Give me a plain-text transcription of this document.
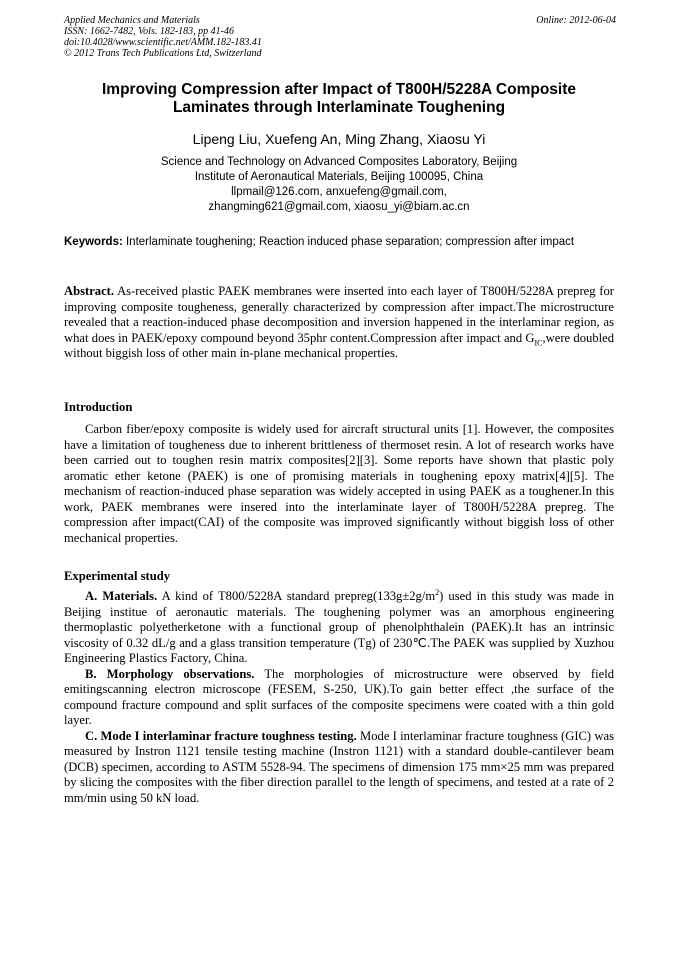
Applied Mechanics and Materials
ISSN: 1662-7482, Vols. 182-183, pp 41-46
doi:10.4028/www.scientific.net/AMM.182-183.41
© 2012 Trans Tech Publications Ltd, Switzerland
Online: 2012-06-04
Improving Compression after Impact of T800H/5228A Composite
Laminates through Interlaminate Toughening
Lipeng Liu, Xuefeng An, Ming Zhang, Xiaosu Yi
Science and Technology on Advanced Composites Laboratory, Beijing
Institute of Aeronautical Materials, Beijing 100095, China
llpmail@126.com, anxuefeng@gmail.com,
zhangming621@gmail.com, xiaosu_yi@biam.ac.cn
Keywords: Interlaminate toughening; Reaction induced phase separation; compression after impact
Abstract. As-received plastic PAEK membranes were inserted into each layer of T800H/5228A prepreg for improving composite tougheness, generally characterized by compression after impact.The microstructure revealed that a reaction-induced phase decomposition and inversion happened in the interlaminar region, as what does in PAEK/epoxy compound beyond 35phr content.Compression after impact and $G_{IC},were$ doubled without biggish loss of other main in-plane mechanical properties.
Introduction
Carbon fiber/epoxy composite is widely used for aircraft structural units [1]. However, the composites have a limitation of tougheness due to inherent brittleness of thermoset resin. A lot of research works have been carried out to toughen resin matrix composites[2][3]. Some reports have shown that plastic poly aromatic ether ketone (PAEK) is one of promising materials in toughening epoxy matrix[4][5]. The mechanism of reaction-induced phase separation was widely accepted in using PAEK as a toughener.In this work, PAEK membranes were insered into the interlaminate layer of T800H/5228A prepreg. The compression after impact(CAI) of the composite was improved significantly without biggish loss of other mechanical properties.
Experimental study

A. Materials. A kind of T800/5228A standard $prepreg(133g\pm 2g/m^2)$ used in this study was made in Beijing institue of aeronautic materials. The toughening polymer was an amorphous engineering thermoplastic polyetherketone with a functional group of phenolphthalein (PAEK).It has an intrinsic viscosity of 0.32 dL/g and a glass transition temperature (Tg) of 230℃.The PAEK was supplied by Xuzhou Engineering Plastics Factory, China.

B. Morphology observations. The morphologies of microstructure were observed by field emitingscanning electron microscope (FESEM, S-250, UK).To gain better effect ,the surface of the compound fracture compound and split surfaces of the composite specimens were coated with a thin gold layer.

C. Mode I interlaminar fracture toughness testing. Mode I interlaminar fracture toughness (GIC) was measured by Instron 1121 tensile testing machine (Instron 1121) with a standard double-cantilever beam (DCB) specimen, according to ASTM 5528-94. The specimens of dimension 175 mm×25 mm was prepared by slicing the composites with the fiber direction parallel to the length of specimens, and tested at a rate of 2 mm/min using 50 kN load.
